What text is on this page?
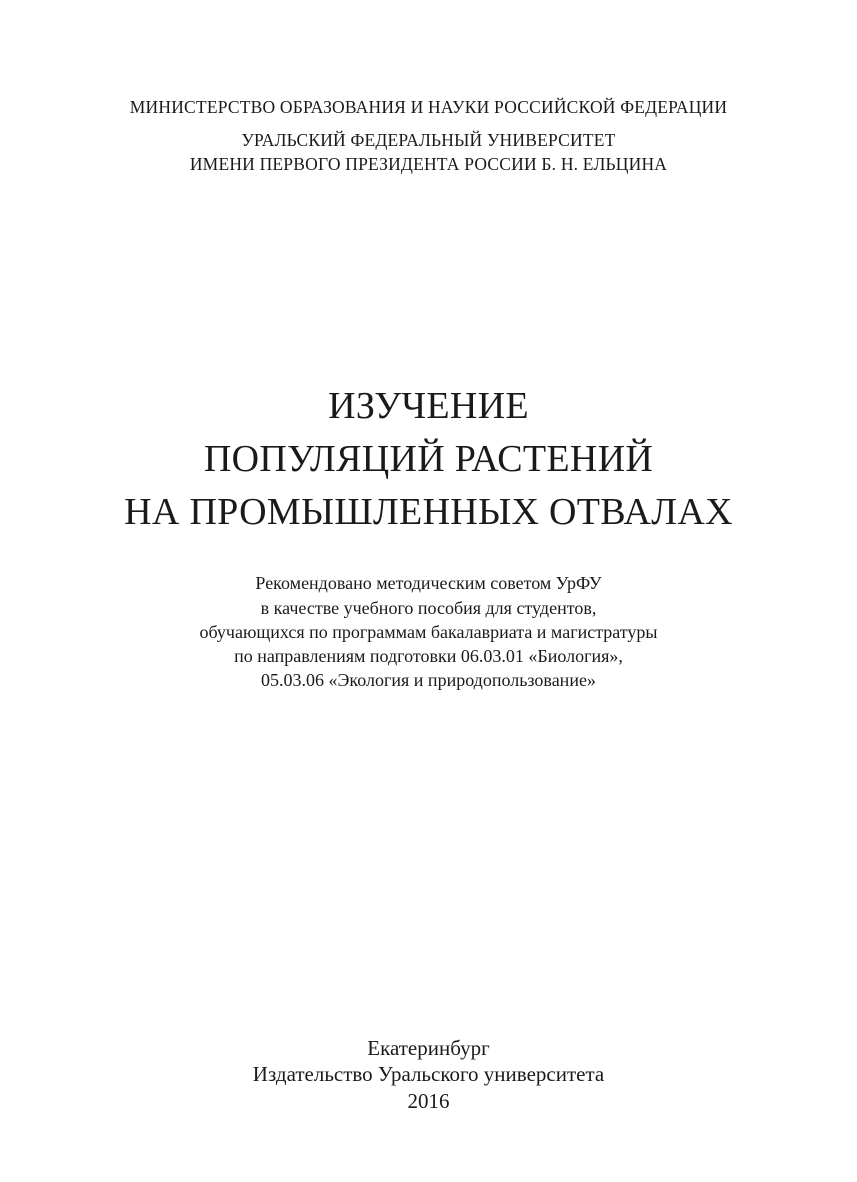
МИНИСТЕРСТВО ОБРАЗОВАНИЯ И НАУКИ РОССИЙСКОЙ ФЕДЕРАЦИИ
УРАЛЬСКИЙ ФЕДЕРАЛЬНЫЙ УНИВЕРСИТЕТ
ИМЕНИ ПЕРВОГО ПРЕЗИДЕНТА РОССИИ Б. Н. ЕЛЬЦИНА
ИЗУЧЕНИЕ
ПОПУЛЯЦИЙ РАСТЕНИЙ
НА ПРОМЫШЛЕННЫХ ОТВАЛАХ
Рекомендовано методическим советом УрФУ
в качестве учебного пособия для студентов,
обучающихся по программам бакалавриата и магистратуры
по направлениям подготовки 06.03.01 «Биология»,
05.03.06 «Экология и природопользование»
Екатеринбург
Издательство Уральского университета
2016
